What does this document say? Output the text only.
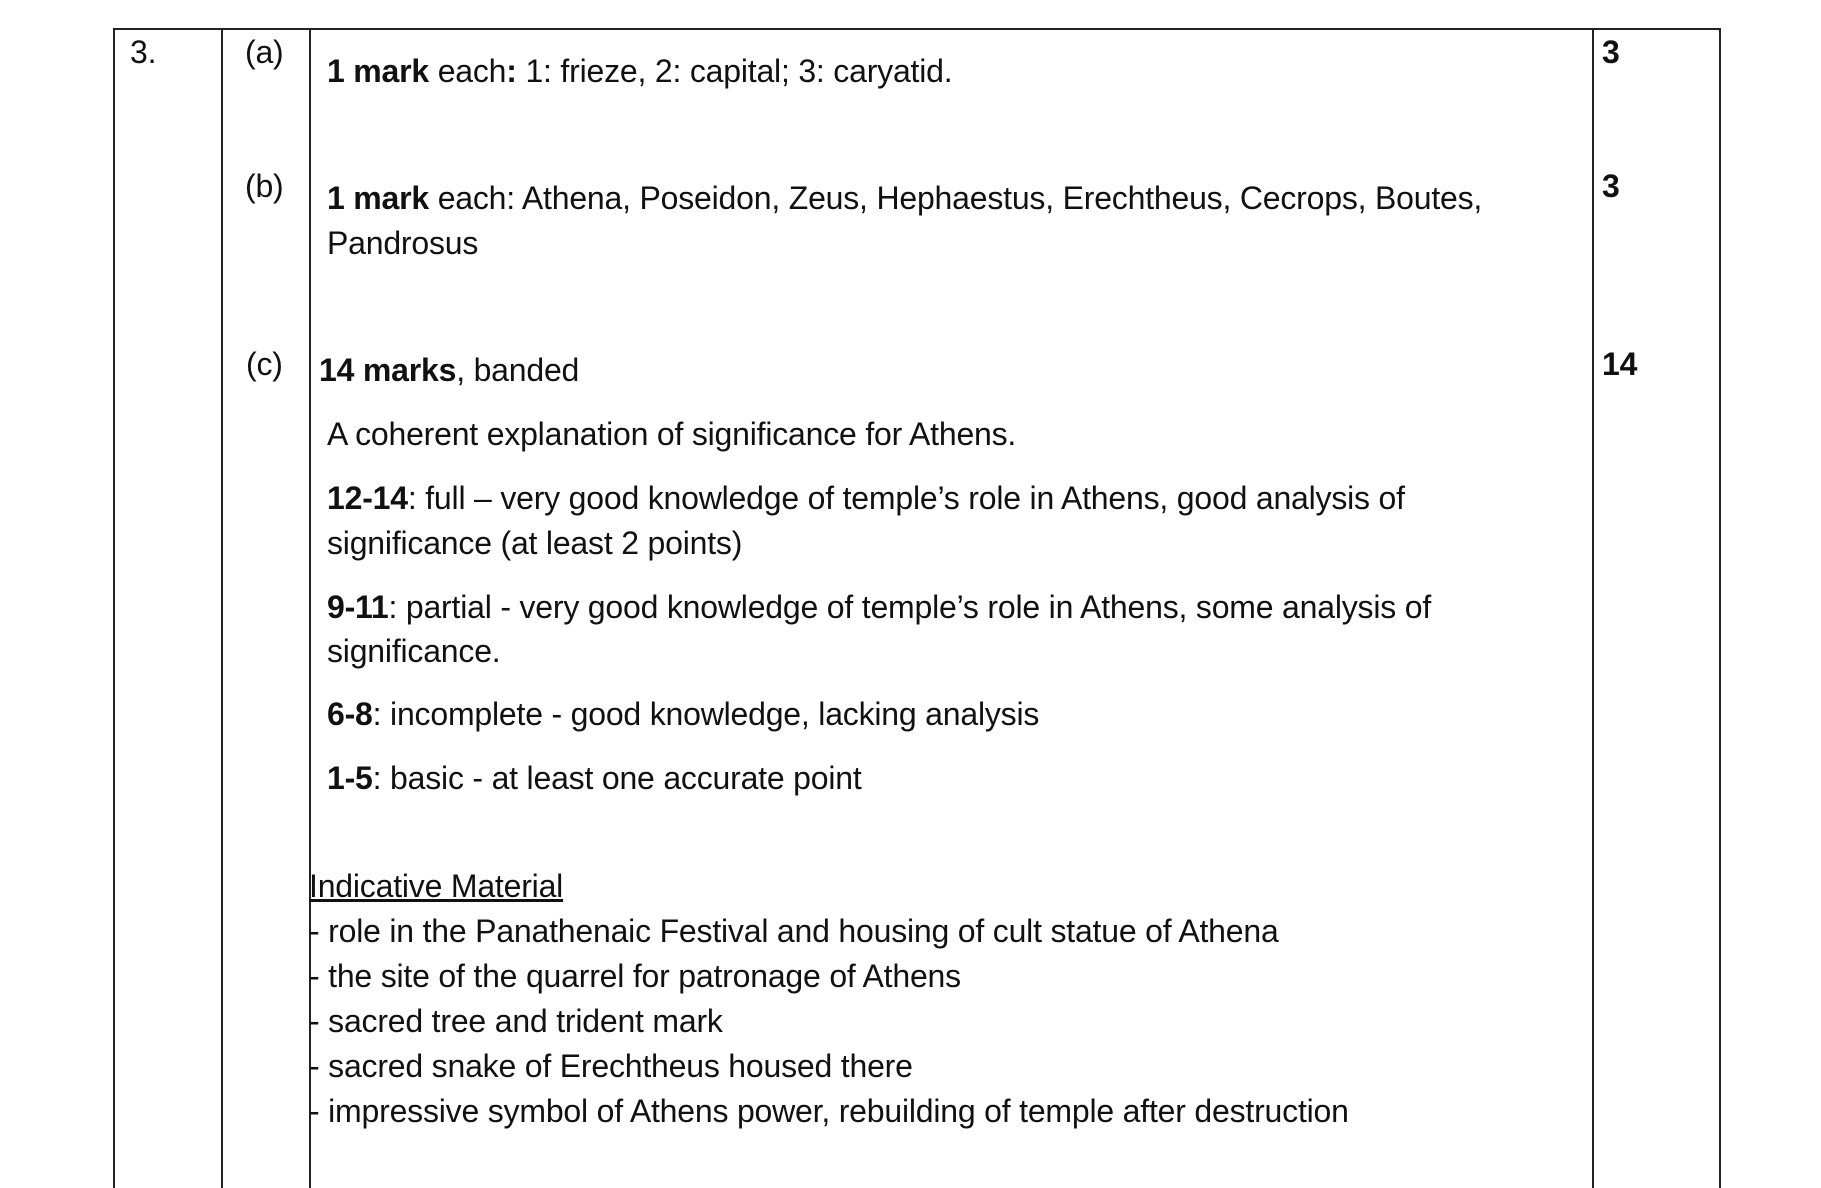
3.	(a)
1 mark each: 1: frieze, 2: capital; 3: caryatid.
3
(b) 1 mark each: Athena, Poseidon, Zeus, Hephaestus, Erechtheus, Cecrops, Boutes,
Pandrosus
3
(c) 14 marks, banded	14
A coherent explanation of significance for Athens.
12-14: full – very good knowledge of temple’s role in Athens, good analysis of
significance (at least 2 points)
9-11: partial - very good knowledge of temple’s role in Athens, some analysis of
significance.
6-8: incomplete - good knowledge, lacking analysis
1-5: basic - at least one accurate point
Indicative Material
- role in the Panathenaic Festival and housing of cult statue of Athena
- the site of the quarrel for patronage of Athens
- sacred tree and trident mark
- sacred snake of Erechtheus housed there
- impressive symbol of Athens power, rebuilding of temple after destruction
